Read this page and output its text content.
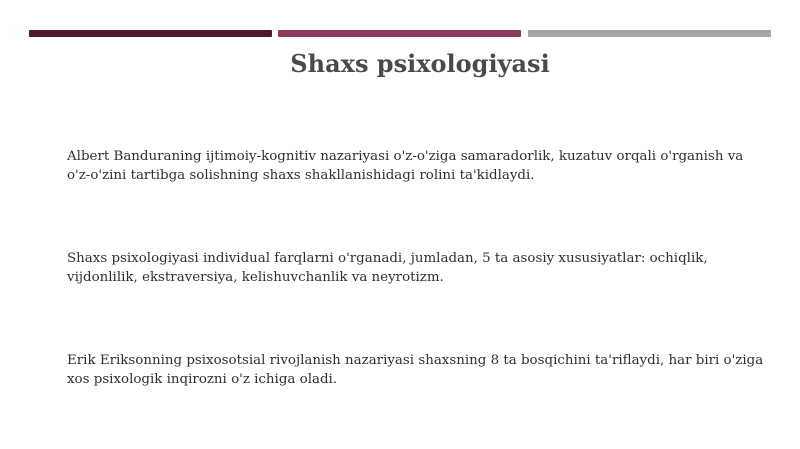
Shaxs psixologiyasi

Albert Banduraning ijtimoiy-kognitiv nazariyasi o'z-o'ziga samaradorlik, kuzatuv orqali o'rganish va o'z-o'zini tartibga solishning shaxs shakllanishidagi rolini ta'kidlaydi.

Shaxs psixologiyasi individual farqlarni o'rganadi, jumladan, 5 ta asosiy xususiyatlar: ochiqlik, vijdonlilik, ekstraversiya, kelishuvchanlik va neyrotizm.

Erik Eriksonning psixosotsial rivojlanish nazariyasi shaxsning 8 ta bosqichini ta'riflaydi, har biri o'ziga xos psixologik inqirozni o'z ichiga oladi.
